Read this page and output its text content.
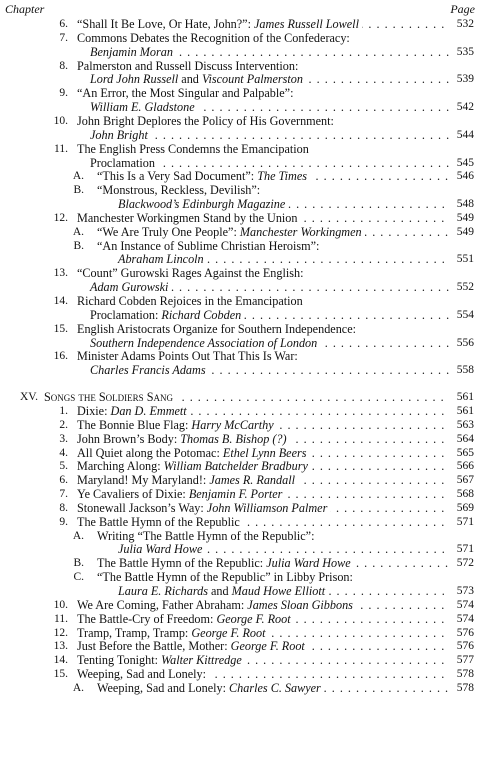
Chapter	Page
6. “Shall It Be Love, Or Hate, John?”: James Russell Lowell . . .	532
7. Commons Debates the Recognition of the Confederacy:
Benjamin Moran . . .	535
8. Palmerston and Russell Discuss Intervention:
Lord John Russell and Viscount Palmerston . . .	539
9. “An Error, the Most Singular and Palpable”:
William E. Gladstone . . .	542
10. John Bright Deplores the Policy of His Government:
John Bright . . .	544
11. The English Press Condemns the Emancipation
Proclamation . . .	545
A. “This Is a Very Sad Document”: The Times . . .	546
B. “Monstrous, Reckless, Devilish”:
Blackwood’s Edinburgh Magazine . . .	548
12. Manchester Workingmen Stand by the Union . . .	549
A. “We Are Truly One People”: Manchester Workingmen . . .	549
B. “An Instance of Sublime Christian Heroism”:
Abraham Lincoln . . .	551
13. “Count” Gurowski Rages Against the English:
Adam Gurowski . . .	552
14. Richard Cobden Rejoices in the Emancipation
Proclamation: Richard Cobden . . .	554
15. English Aristocrats Organize for Southern Independence:
Southern Independence Association of London . . .	556
16. Minister Adams Points Out That This Is War:
Charles Francis Adams . . .	558
XV. Songs the Soldiers Sang . . .	561
1. Dixie: Dan D. Emmett . . .	561
2. The Bonnie Blue Flag: Harry McCarthy . . .	563
3. John Brown’s Body: Thomas B. Bishop (?) . . .	564
4. All Quiet along the Potomac: Ethel Lynn Beers . . .	565
5. Marching Along: William Batchelder Bradbury . . .	566
6. Maryland! My Maryland!: James R. Randall . . .	567
7. Ye Cavaliers of Dixie: Benjamin F. Porter . . .	568
8. Stonewall Jackson’s Way: John Williamson Palmer . . .	569
9. The Battle Hymn of the Republic . . .	571
A. Writing “The Battle Hymn of the Republic”:
Julia Ward Howe . . .	571
B. The Battle Hymn of the Republic: Julia Ward Howe . . .	572
C. “The Battle Hymn of the Republic” in Libby Prison:
Laura E. Richards and Maud Howe Elliott . . .	573
10. We Are Coming, Father Abraham: James Sloan Gibbons . . .	574
11. The Battle-Cry of Freedom: George F. Root . . .	574
12. Tramp, Tramp, Tramp: George F. Root . . .	576
13. Just Before the Battle, Mother: George F. Root . . .	576
14. Tenting Tonight: Walter Kittredge . . .	577
15. Weeping, Sad and Lonely: . . .	578
A. Weeping, Sad and Lonely: Charles C. Sawyer . . .	578
